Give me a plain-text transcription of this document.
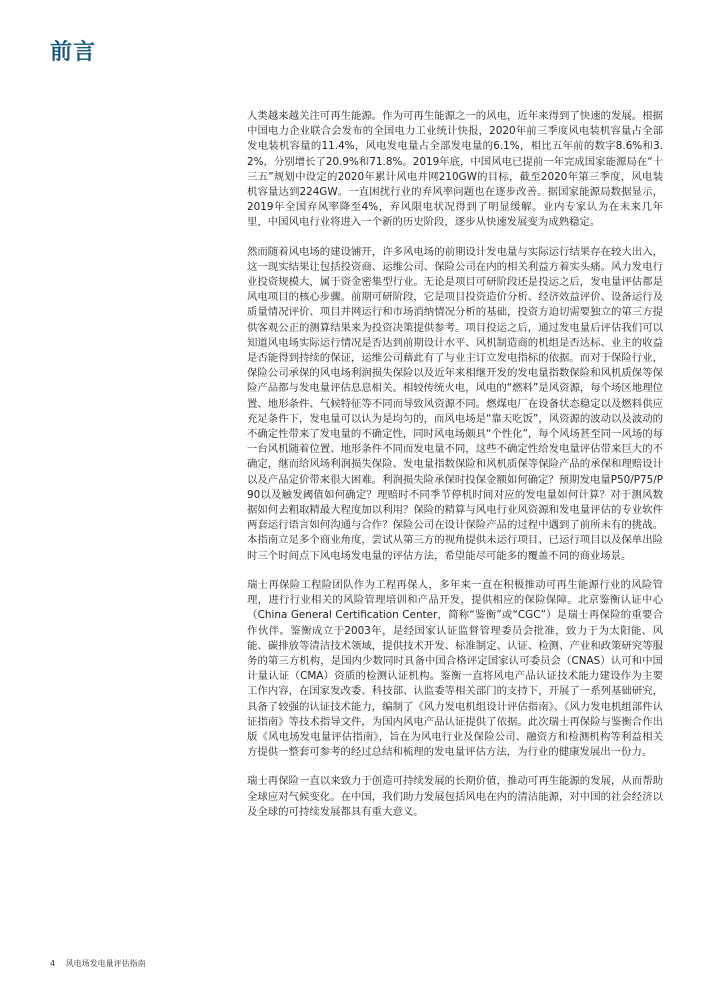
前言

人类越来越关注可再生能源。作为可再生能源之一的风电，近年来得到了快速的发展。根据中国电力企业联合会发布的全国电力工业统计快报，2020年前三季度风电装机容量占全部发电装机容量的11.4%，风电发电量占全部发电量的6.1%，相比五年前的数字8.6%和3.2%，分别增长了20.9%和71.8%。2019年底，中国风电已提前一年完成国家能源局在“十三五”规划中设定的2020年累计风电并网210GW的目标，截至2020年第三季度，风电装机容量达到224GW。一直困扰行业的弃风率问题也在逐步改善。据国家能源局数据显示，2019年全国弃风率降至4%，弃风限电状况得到了明显缓解。业内专家认为在未来几年里，中国风电行业将进入一个新的历史阶段，逐步从快速发展变为成熟稳定。

然而随着风电场的建设铺开，许多风电场的前期设计发电量与实际运行结果存在较大出入，这一现实结果让包括投资商、运维公司、保险公司在内的相关利益方着实头痛。风力发电行业投资规模大，属于资金密集型行业。无论是项目可研阶段还是投运之后，发电量评估都是风电项目的核心步骤。前期可研阶段，它是项目投资造价分析、经济效益评价、设备运行及质量情况评价、项目并网运行和市场消纳情况分析的基础，投资方迫切需要独立的第三方提供客观公正的测算结果来为投资决策提供参考。项目投运之后，通过发电量后评估我们可以知道风电场实际运行情况是否达到前期设计水平、风机制造商的机组是否达标、业主的收益是否能得到持续的保证，运维公司藉此有了与业主订立发电指标的依据。而对于保险行业，保险公司承保的风电场利润损失保险以及近年来相继开发的发电量指数保险和风机质保等保险产品都与发电量评估息息相关。相较传统火电，风电的“燃料”是风资源，每个场区地理位置、地形条件、气候特征等不同而导致风资源不同。燃煤电厂在设备状态稳定以及燃料供应充足条件下，发电量可以认为是均匀的，而风电场是“靠天吃饭”，风资源的波动以及波动的不确定性带来了发电量的不确定性，同时风电场颇具“个性化”，每个风场甚至同一风场的每一台风机随着位置、地形条件不同而发电量不同，这些不确定性给发电量评估带来巨大的不确定，继而给风场利润损失保险、发电量指数保险和风机质保等保险产品的承保和理赔设计以及产品定价带来很大困难。利润损失险承保时投保金额如何确定？预期发电量P50/P75/P90以及触发阈值如何确定？理赔时不同季节停机时间对应的发电量如何计算？对于测风数据如何去粗取精最大程度加以利用？保险的精算与风电行业风资源和发电量评估的专业软件两套运行语言如何沟通与合作？保险公司在设计保险产品的过程中遇到了前所未有的挑战。本指南立足多个商业角度，尝试从第三方的视角提供未运行项目、已运行项目以及保单出险时三个时间点下风电场发电量的评估方法，希望能尽可能多的覆盖不同的商业场景。

瑞士再保险工程险团队作为工程再保人，多年来一直在积极推动可再生能源行业的风险管理，进行行业相关的风险管理培训和产品开发，提供相应的保险保障。北京鉴衡认证中心（China General Certification Center，简称“鉴衡”或“CGC”）是瑞士再保险的重要合作伙伴。鉴衡成立于2003年，是经国家认证监督管理委员会批准，致力于为太阳能、风能、碳排放等清洁技术领域，提供技术开发、标准制定、认证、检测、产业和政策研究等服务的第三方机构，是国内少数同时具备中国合格评定国家认可委员会（CNAS）认可和中国计量认证（CMA）资质的检测认证机构。鉴衡一直将风电产品认证技术能力建设作为主要工作内容，在国家发改委、科技部、认监委等相关部门的支持下，开展了一系列基础研究，具备了较强的认证技术能力，编制了《风力发电机组设计评估指南》、《风力发电机组部件认证指南》等技术指导文件，为国内风电产品认证提供了依据。此次瑞士再保险与鉴衡合作出版《风电场发电量评估指南》，旨在为风电行业及保险公司、融资方和检测机构等利益相关方提供一整套可参考的经过总结和梳理的发电量评估方法，为行业的健康发展出一份力。

瑞士再保险一直以来致力于创造可持续发展的长期价值，推动可再生能源的发展，从而帮助全球应对气候变化。在中国，我们助力发展包括风电在内的清洁能源，对中国的社会经济以及全球的可持续发展都具有重大意义。

4 风电场发电量评估指南
